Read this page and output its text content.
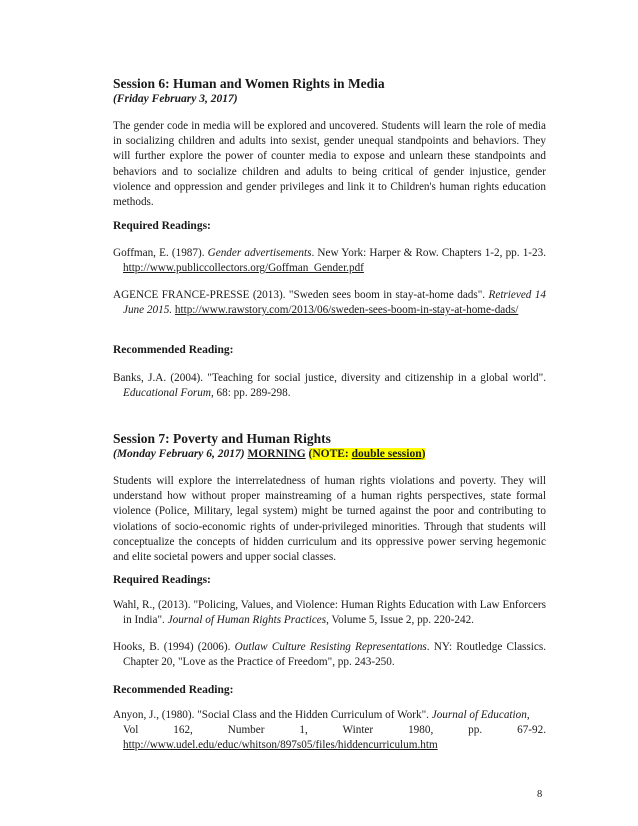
Session 6: Human and Women Rights in Media

(Friday February 3, 2017)

The gender code in media will be explored and uncovered. Students will learn the role of media in socializing children and adults into sexist, gender unequal standpoints and behaviors. They will further explore the power of counter media to expose and unlearn these standpoints and behaviors and to socialize children and adults to being critical of gender injustice, gender violence and oppression and gender privileges and link it to Children's human rights education methods.

Required Readings:

Goffman, E. (1987). Gender advertisements. New York: Harper & Row. Chapters 1-2, pp. 1-23. http://www.publiccollectors.org/Goffman_Gender.pdf

AGENCE FRANCE-PRESSE (2013). "Sweden sees boom in stay-at-home dads". Retrieved 14 June 2015. http://www.rawstory.com/2013/06/sweden-sees-boom-in-stay-at-home-dads/

Recommended Reading:

Banks, J.A. (2004). "Teaching for social justice, diversity and citizenship in a global world". Educational Forum, 68: pp. 289-298.

Session 7: Poverty and Human Rights

(Monday February 6, 2017) MORNING (NOTE: double session)

Students will explore the interrelatedness of human rights violations and poverty. They will understand how without proper mainstreaming of a human rights perspectives, state formal violence (Police, Military, legal system) might be turned against the poor and contributing to violations of socio-economic rights of under-privileged minorities. Through that students will conceptualize the concepts of hidden curriculum and its oppressive power serving hegemonic and elite societal powers and upper social classes.

Required Readings:

Wahl, R., (2013). "Policing, Values, and Violence: Human Rights Education with Law Enforcers in India". Journal of Human Rights Practices, Volume 5, Issue 2, pp. 220-242.

Hooks, B. (1994) (2006). Outlaw Culture Resisting Representations. NY: Routledge Classics. Chapter 20, "Love as the Practice of Freedom", pp. 243-250.

Recommended Reading:

Anyon, J., (1980). "Social Class and the Hidden Curriculum of Work". Journal of Education,
Vol 162, Number 1, Winter 1980, pp. 67-92.
http://www.udel.edu/educ/whitson/897s05/files/hiddencurriculum.htm
8
